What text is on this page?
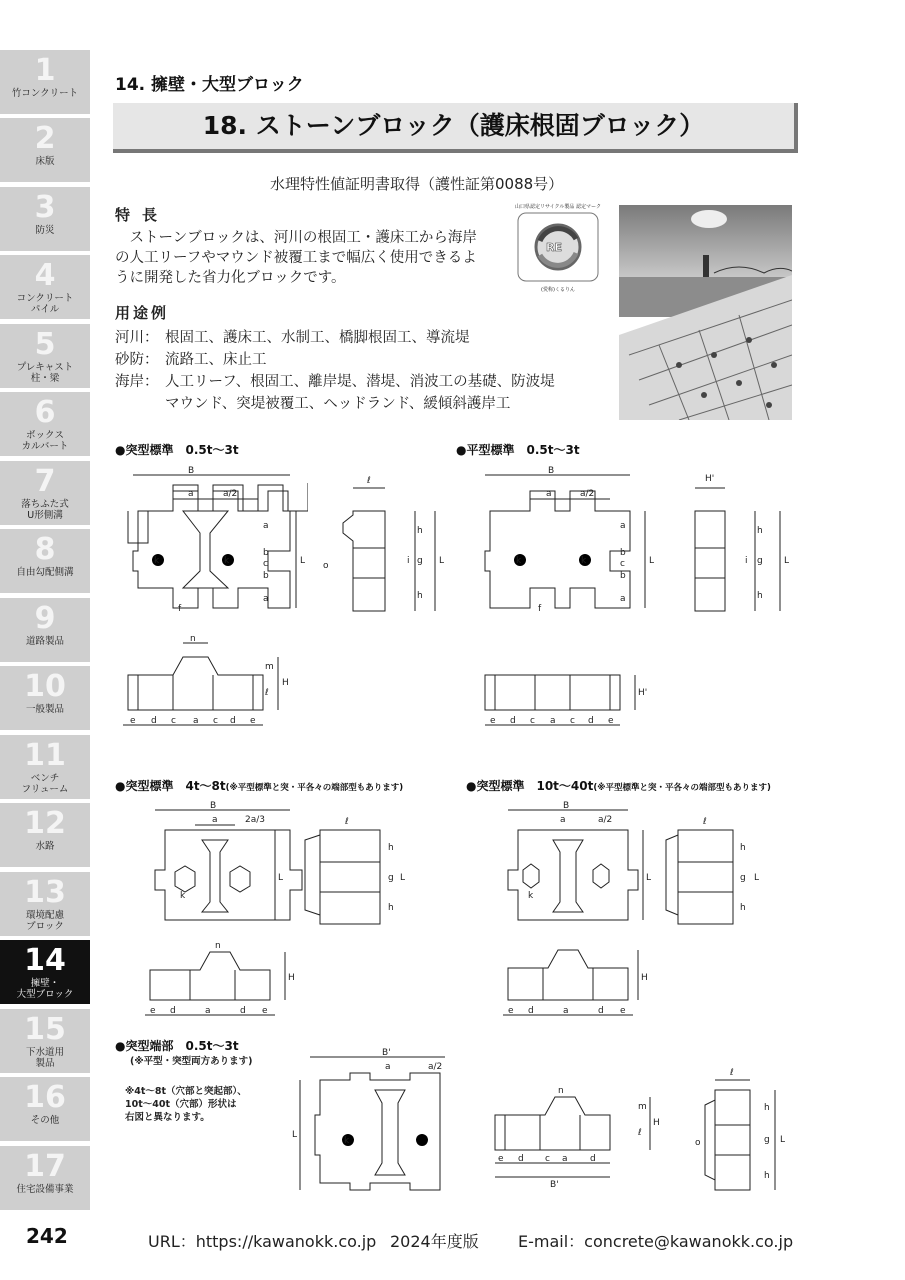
1
竹コンクリート
2
床版
3
防災
4
コンクリート
パイル
5
プレキャスト
柱・梁
6
ボックス
カルバート
7
落ちふた式
U形側溝
8
自由勾配側溝
9
道路製品
10
一般製品
11
ベンチ
フリューム
12
水路
13
環境配慮
ブロック
14
擁壁・
大型ブロック
15
下水道用
製品
16
その他
17
住宅設備事業
14. 擁壁・大型ブロック
18. ストーンブロック（護床根固ブロック）
水理特性値証明書取得（護性証第0088号）
特長
ストーンブロックは、河川の根固工・護床工から海岸の人工リーフやマウンド被覆工まで幅広く使用できるように開発した省力化ブロックです。
用途例
河川： 根固工、護床工、水制工、橋脚根固工、導流堤
砂防： 流路工、床止工
海岸： 人工リーフ、根固工、離岸堤、潜堤、消波工の基礎、防波堤
マウンド、突堤被覆工、ヘッドランド、緩傾斜護岸工
山口県認定リサイクル製品 認定マーク
RE
(愛称)くるりん
●突型標準　0.5t〜3t	●平型標準　0.5t〜3t
●突型標準　4t〜8t(※平型標準と突・平各々の端部型もあります)	●突型標準　10t〜40t(※平型標準と突・平各々の端部型もあります)
●突型端部　0.5t〜3t
(※平型・突型両方あります)
※4t〜8t（穴部と突起部）、
10t〜40t（穴部）形状は
右図と異なります。
k	k
B
a	a/2
a
b
c
b
a
L
f
ℓ
h
g
h
i	L
o	k	k
B
a	a/2
a
b
c
b
a
L
f
H'
h
g
h
i	L
n
H
m
ℓ
e d c a c d e
H'
e d c a c d e
B
a	2a/3
k
L
ℓ
h
g
h
L
n
H
e d	a	d e
B
a	a/2
k
L
ℓ
h
g
h
L
H
e d	a	d e
B'
a	a/2
k
L
n
H
m
ℓ
e d c a d
B'
ℓ
o
h
g
h
L
242	URL：https://kawanokk.co.jp 2024年度版 E-mail：concrete@kawanokk.co.jp
